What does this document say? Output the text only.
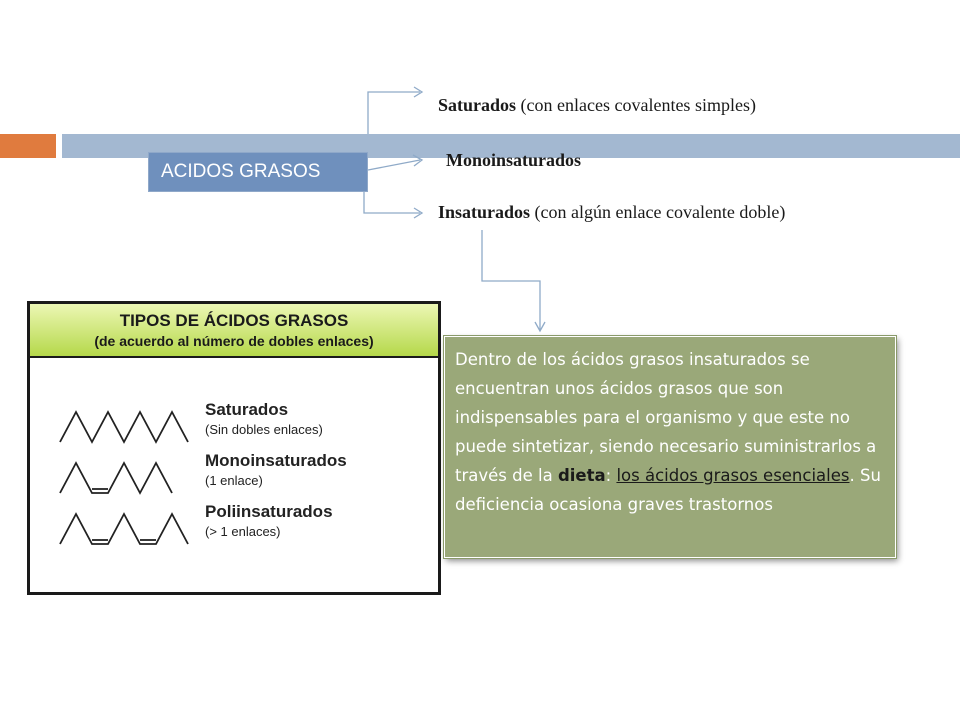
ACIDOS GRASOS
Saturados (con enlaces covalentes simples)
Monoinsaturados
Insaturados (con algún enlace covalente doble)
TIPOS DE ÁCIDOS GRASOS
(de acuerdo al número de dobles enlaces)
Saturados
(Sin dobles enlaces)
Monoinsaturados
(1 enlace)
Poliinsaturados
(> 1 enlaces)
Dentro de los ácidos grasos insaturados se encuentran unos ácidos grasos que son indispensables para el organismo y que este no puede sintetizar, siendo necesario suministrarlos a través de la dieta: los ácidos grasos esenciales. Su deficiencia ocasiona graves trastornos
